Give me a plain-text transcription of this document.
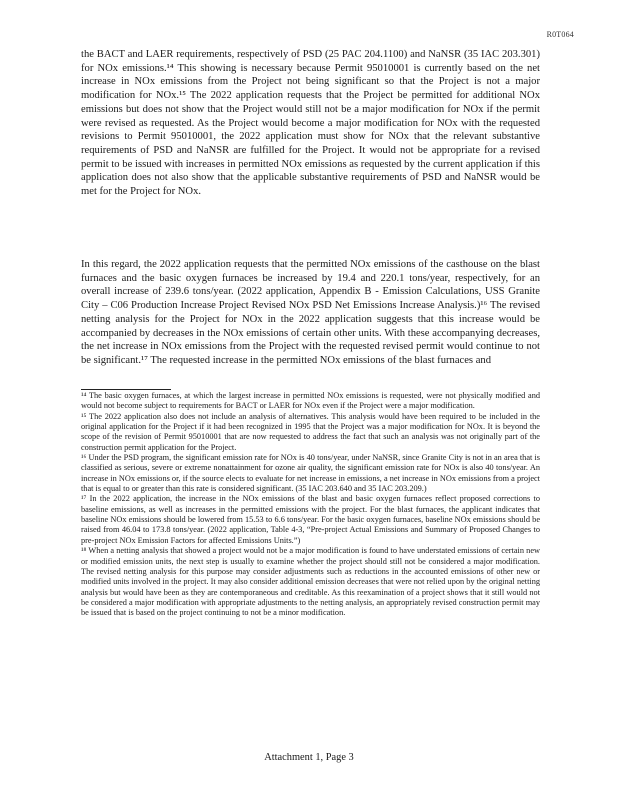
R0T064

the BACT and LAER requirements, respectively of PSD (25 PAC 204.1100) and NaNSR (35 IAC 203.301) for NOx emissions.¹⁴ This showing is necessary because Permit 95010001 is currently based on the net increase in NOx emissions from the Project not being significant so that the Project is not a major modification for NOx.¹⁵ The 2022 application requests that the Project be permitted for additional NOx emissions but does not show that the Project would still not be a major modification for NOx if the permit were revised as requested. As the Project would become a major modification for NOx with the requested revisions to Permit 95010001, the 2022 application must show for NOx that the relevant substantive requirements of PSD and NaNSR are fulfilled for the Project. It would not be appropriate for a revised permit to be issued with increases in permitted NOx emissions as requested by the current application if this application does not also show that the applicable substantive requirements of PSD and NaNSR would be met for the Project for NOx.

In this regard, the 2022 application requests that the permitted NOx emissions of the casthouse on the blast furnaces and the basic oxygen furnaces be increased by 19.4 and 220.1 tons/year, respectively, for an overall increase of 239.6 tons/year. (2022 application, Appendix B - Emission Calculations, USS Granite City – C06 Production Increase Project Revised NOx PSD Net Emissions Increase Analysis.)¹⁶ The revised netting analysis for the Project for NOx in the 2022 application suggests that this increase would be accompanied by decreases in the NOx emissions of certain other units. With these accompanying decreases, the net increase in NOx emissions from the Project with the requested revised permit would continue to not be significant.¹⁷ The requested increase in the permitted NOx emissions of the blast furnaces and

¹⁴ The basic oxygen furnaces, at which the largest increase in permitted NOx emissions is requested, were not physically modified and would not become subject to requirements for BACT or LAER for NOx even if the Project were a major modification.

¹⁵ The 2022 application also does not include an analysis of alternatives. This analysis would have been required to be included in the original application for the Project if it had been recognized in 1995 that the Project was a major modification for NOx. It is beyond the scope of the revision of Permit 95010001 that are now requested to address the fact that such an analysis was not originally part of the construction permit application for the Project.

¹⁶ Under the PSD program, the significant emission rate for NOx is 40 tons/year, under NaNSR, since Granite City is not in an area that is classified as serious, severe or extreme nonattainment for ozone air quality, the significant emission rate for NOx is also 40 tons/year. An increase in NOx emissions or, if the source elects to evaluate for net increase in emissions, a net increase in NOx emissions from a project that is equal to or greater than this rate is considered significant. (35 IAC 203.640 and 35 IAC 203.209.)

¹⁷ In the 2022 application, the increase in the NOx emissions of the blast and basic oxygen furnaces reflect proposed corrections to baseline emissions, as well as increases in the permitted emissions with the project. For the blast furnaces, the applicant indicates that baseline NOx emissions should be lowered from 15.53 to 6.6 tons/year. For the basic oxygen furnaces, baseline NOx emissions should be raised from 46.04 to 173.8 tons/year. (2022 application, Table 4-3, “Pre-project Actual Emissions and Summary of Proposed Changes to pre-project NOx Emission Factors for affected Emissions Units.”)

¹⁸ When a netting analysis that showed a project would not be a major modification is found to have understated emissions of certain new or modified emission units, the next step is usually to examine whether the project should still not be considered a major modification. The revised netting analysis for this purpose may consider adjustments such as reductions in the accounted emissions of other new or modified units involved in the project. It may also consider additional emission decreases that were not relied upon by the original netting analysis but would have been as they are contemporaneous and creditable. As this reexamination of a project shows that it still would not be considered a major modification with appropriate adjustments to the netting analysis, an appropriately revised construction permit may be issued that is based on the project continuing to not be a minor modification.

Attachment 1, Page 3
